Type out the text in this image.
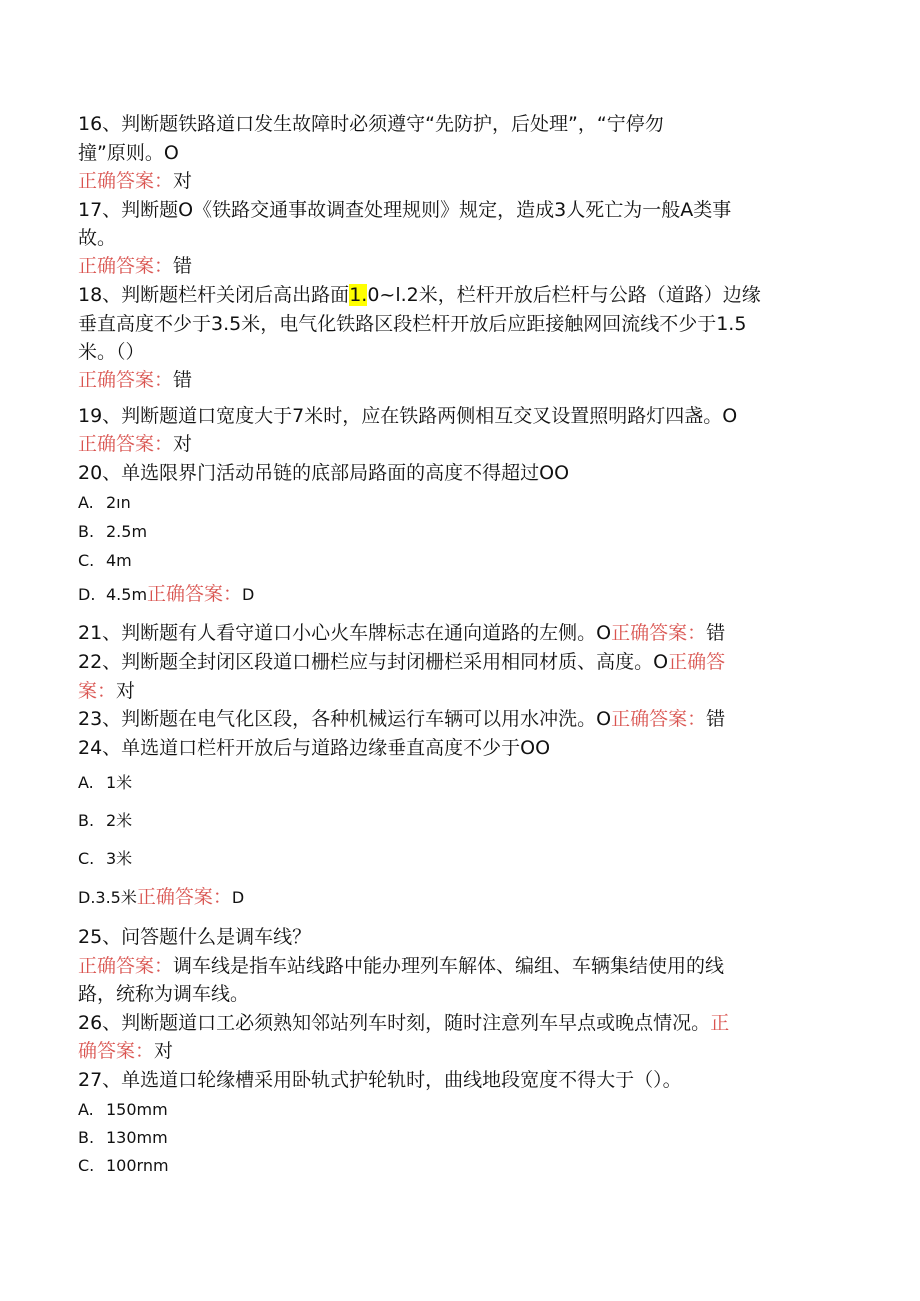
16、判断题铁路道口发生故障时必须遵守“先防护，后处理”，“宁停勿
撞”原则。O
正确答案：对
17、判断题O《铁路交通事故调查处理规则》规定，造成3人死亡为一般A类事
故。
正确答案：错
18、判断题栏杆关闭后高出路面1.0~l.2米，栏杆开放后栏杆与公路（道路）边缘
垂直高度不少于3.5米，电气化铁路区段栏杆开放后应距接触网回流线不少于1.5
米。（）
正确答案：错
19、判断题道口宽度大于7米时，应在铁路两侧相互交叉设置照明路灯四盏。O
正确答案：对
20、单选限界门活动吊链的底部局路面的高度不得超过OO
A. 2ın
B. 2.5m
C. 4m
D. 4.5m正确答案：D
21、判断题有人看守道口小心火车牌标志在通向道路的左侧。O正确答案：错
22、判断题全封闭区段道口栅栏应与封闭栅栏采用相同材质、高度。O正确答
案：对
23、判断题在电气化区段，各种机械运行车辆可以用水冲洗。O正确答案：错
24、单选道口栏杆开放后与道路边缘垂直高度不少于OO
A. 1米
B. 2米
C. 3米
D.3.5米正确答案：D
25、问答题什么是调车线？
正确答案：调车线是指车站线路中能办理列车解体、编组、车辆集结使用的线
路，统称为调车线。
26、判断题道口工必须熟知邻站列车时刻，随时注意列车早点或晚点情况。正
确答案：对
27、单选道口轮缘槽采用卧轨式护轮轨时，曲线地段宽度不得大于（）。
A. 150mm
B. 130mm
C. 100rnm
